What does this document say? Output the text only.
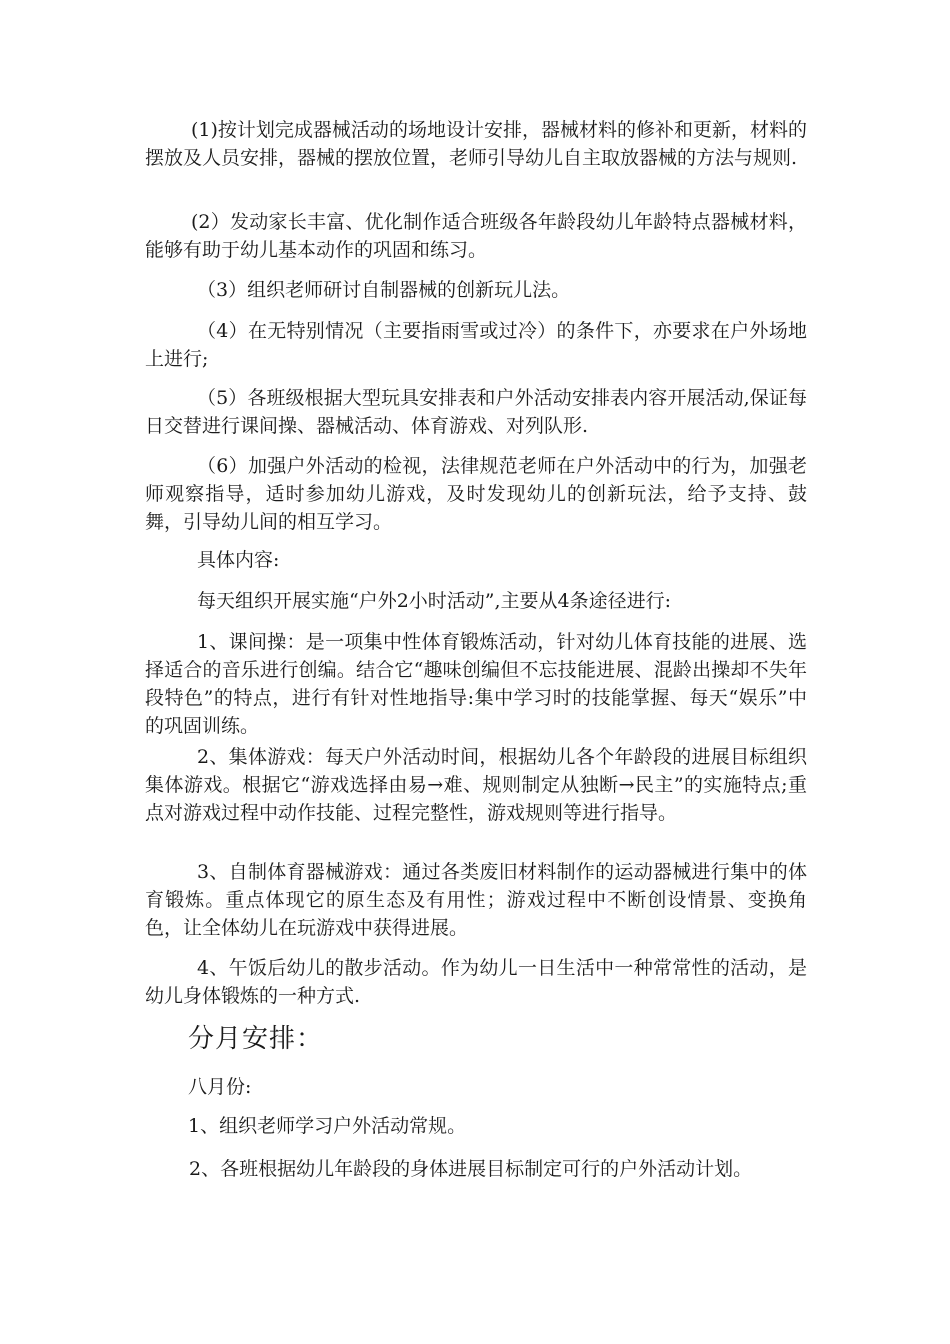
(1)按计划完成器械活动的场地设计安排，器械材料的修补和更新，材料的摆放及人员安排，器械的摆放位置，老师引导幼儿自主取放器械的方法与规则.

(2）发动家长丰富、优化制作适合班级各年龄段幼儿年龄特点器械材料，能够有助于幼儿基本动作的巩固和练习。

（3）组织老师研讨自制器械的创新玩儿法。

（4）在无特别情况（主要指雨雪或过冷）的条件下，亦要求在户外场地上进行;

（5）各班级根据大型玩具安排表和户外活动安排表内容开展活动,保证每日交替进行课间操、器械活动、体育游戏、对列队形.

（6）加强户外活动的检视，法律规范老师在户外活动中的行为，加强老师观察指导，适时参加幼儿游戏，及时发现幼儿的创新玩法，给予支持、鼓舞，引导幼儿间的相互学习。

具体内容:

每天组织开展实施“户外2小时活动”,主要从4条途径进行:

1、课间操：是一项集中性体育锻炼活动，针对幼儿体育技能的进展、选择适合的音乐进行创编。结合它“趣味创编但不忘技能进展、混龄出操却不失年段特色”的特点，进行有针对性地指导:集中学习时的技能掌握、每天“娱乐”中的巩固训练。

2、集体游戏：每天户外活动时间，根据幼儿各个年龄段的进展目标组织集体游戏。根据它“游戏选择由易→难、规则制定从独断→民主”的实施特点;重点对游戏过程中动作技能、过程完整性，游戏规则等进行指导。

3、自制体育器械游戏：通过各类废旧材料制作的运动器械进行集中的体育锻炼。重点体现它的原生态及有用性；游戏过程中不断创设情景、变换角色，让全体幼儿在玩游戏中获得进展。

4、午饭后幼儿的散步活动。作为幼儿一日生活中一种常常性的活动，是幼儿身体锻炼的一种方式.

分月安排：

八月份:

1、组织老师学习户外活动常规。

2、各班根据幼儿年龄段的身体进展目标制定可行的户外活动计划。
